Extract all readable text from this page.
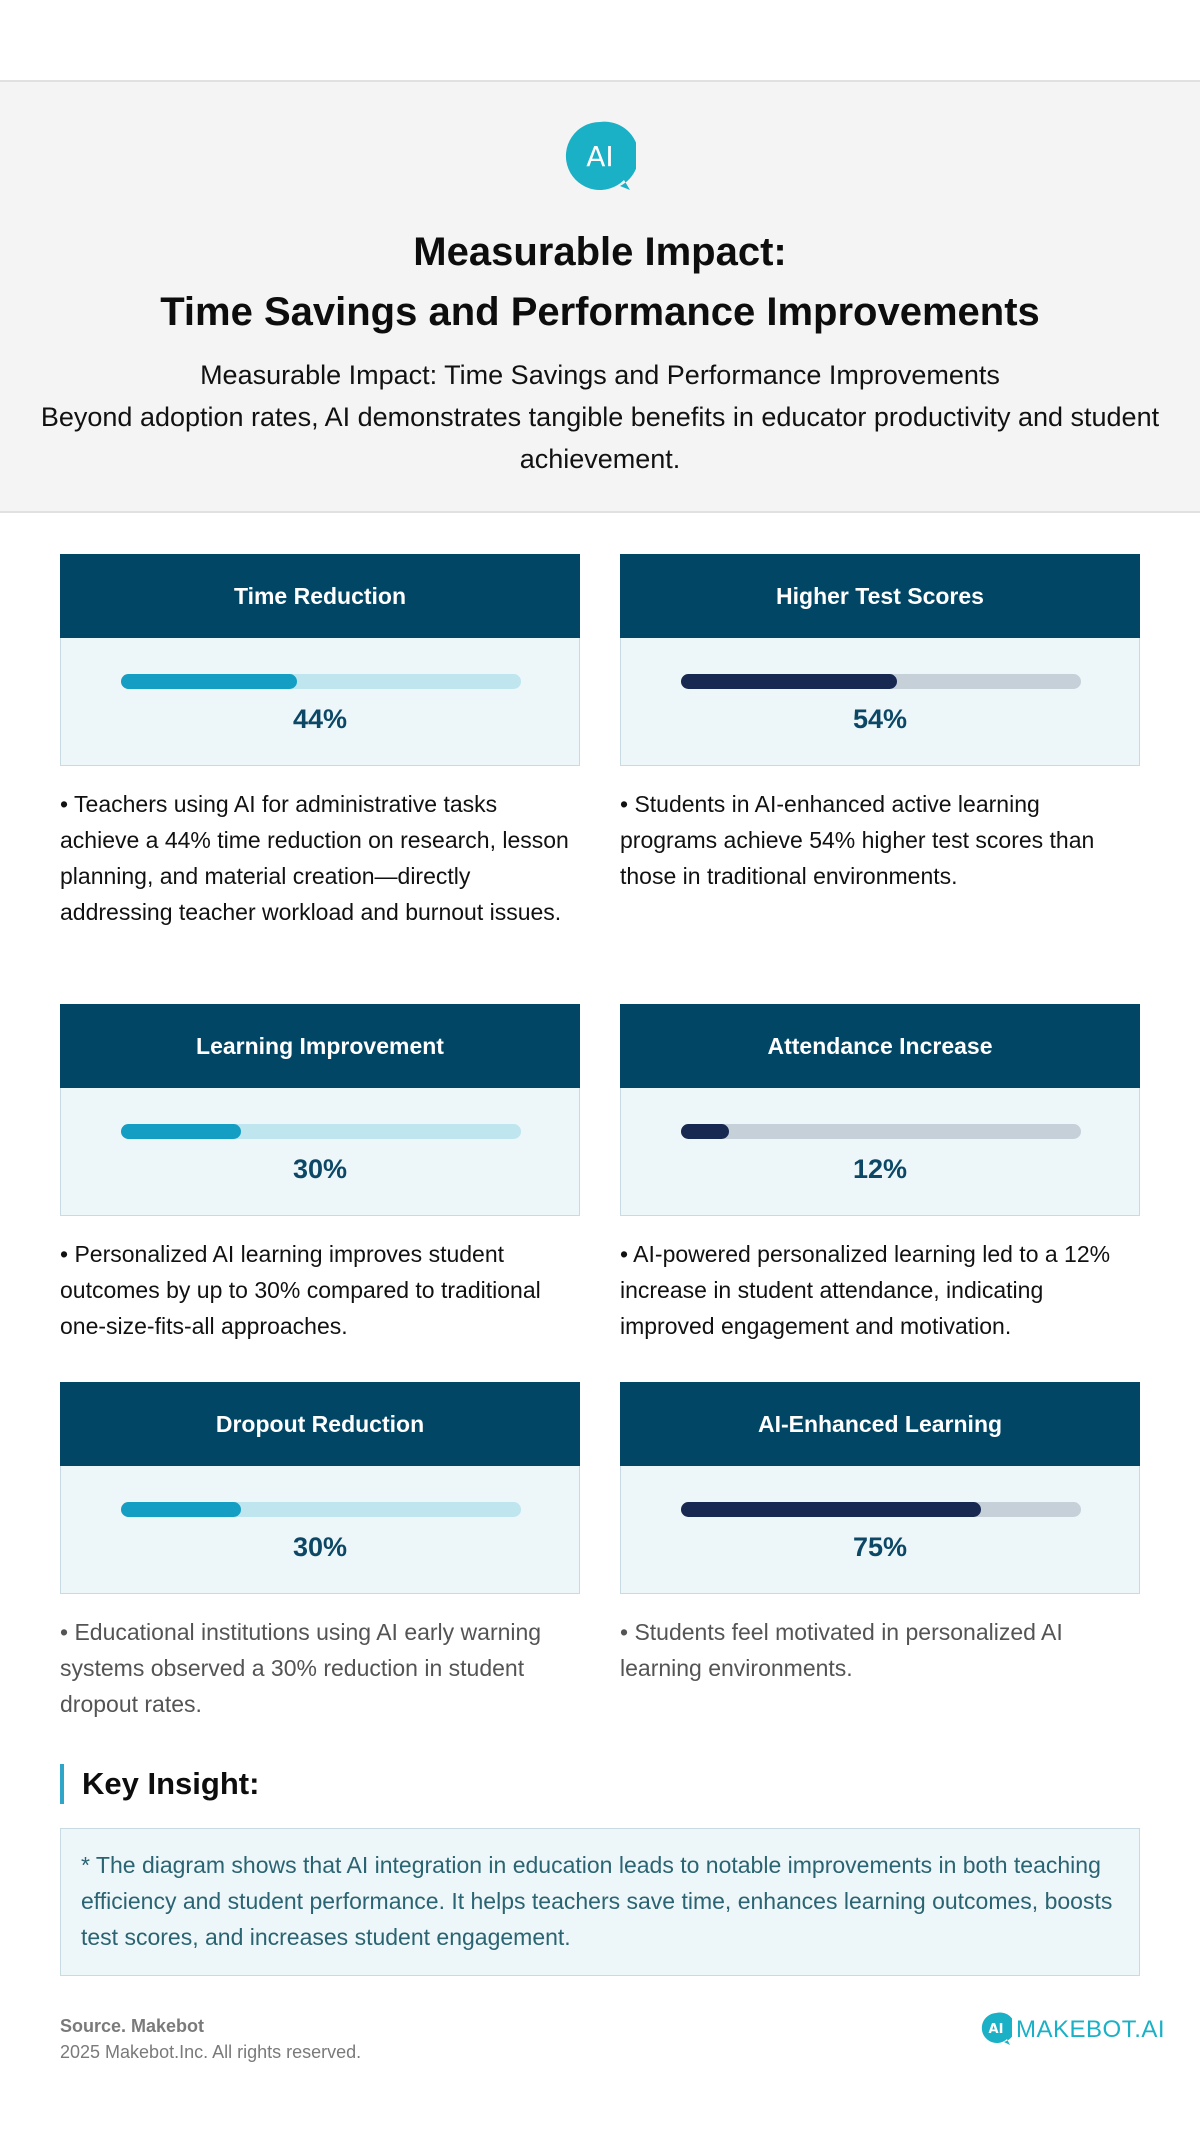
AI
Measurable Impact:
Time Savings and Performance Improvements
Measurable Impact: Time Savings and Performance Improvements
Beyond adoption rates, AI demonstrates tangible benefits in educator productivity and student achievement.
Time Reduction
44%

• Teachers using AI for administrative tasks achieve a 44% time reduction on research, lesson planning, and material creation—directly addressing teacher workload and burnout issues.

Higher Test Scores
54%

• Students in AI-enhanced active learning programs achieve 54% higher test scores than those in traditional environments.

Learning Improvement
30%

• Personalized AI learning improves student outcomes by up to 30% compared to traditional one-size-fits-all approaches.

Attendance Increase
12%

• AI-powered personalized learning led to a 12% increase in student attendance, indicating improved engagement and motivation.

Dropout Reduction
30%

• Educational institutions using AI early warning systems observed a 30% reduction in student dropout rates.

AI-Enhanced Learning
75%

• Students feel motivated in personalized AI learning environments.

Key Insight:
* The diagram shows that AI integration in education leads to notable improvements in both teaching efficiency and student performance. It helps teachers save time, enhances learning outcomes, boosts test scores, and increases student engagement.
Source. Makebot
2025 Makebot.Inc. All rights reserved.
AI MAKEBOT.AI
